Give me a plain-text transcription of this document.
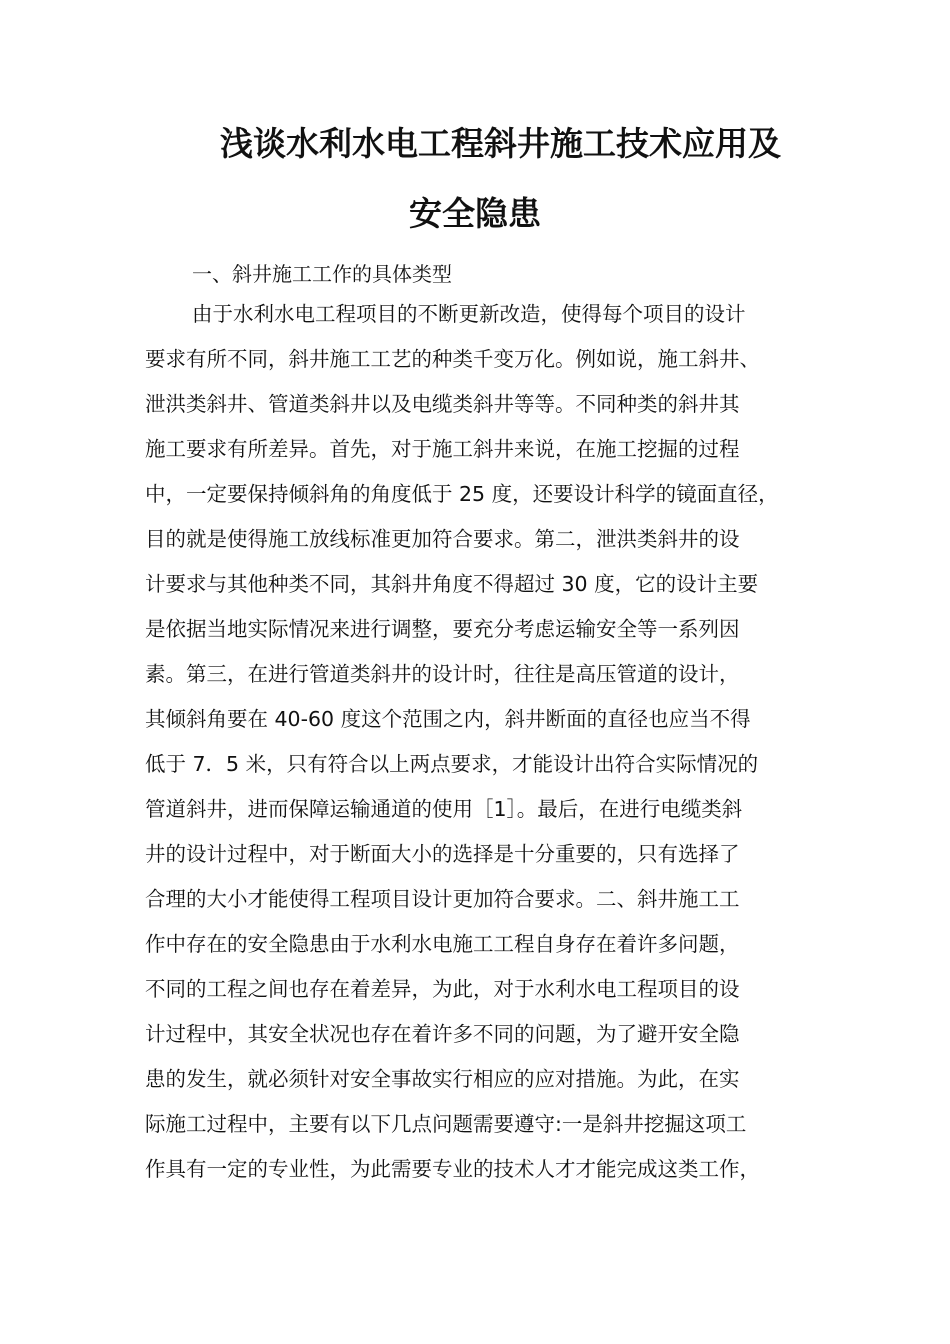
浅谈水利水电工程斜井施工技术应用及
安全隐患

一、斜井施工工作的具体类型

由于水利水电工程项目的不断更新改造，使得每个项目的设计

要求有所不同，斜井施工工艺的种类千变万化。例如说，施工斜井、

泄洪类斜井、管道类斜井以及电缆类斜井等等。不同种类的斜井其

施工要求有所差异。首先，对于施工斜井来说，在施工挖掘的过程

中，一定要保持倾斜角的角度低于 25 度，还要设计科学的镜面直径，

目的就是使得施工放线标准更加符合要求。第二，泄洪类斜井的设

计要求与其他种类不同，其斜井角度不得超过 30 度，它的设计主要

是依据当地实际情况来进行调整，要充分考虑运输安全等一系列因

素。第三，在进行管道类斜井的设计时，往往是高压管道的设计，

其倾斜角要在 40-60 度这个范围之内，斜井断面的直径也应当不得

低于 7．5 米，只有符合以上两点要求，才能设计出符合实际情况的

管道斜井，进而保障运输通道的使用［1］。最后，在进行电缆类斜

井的设计过程中，对于断面大小的选择是十分重要的，只有选择了

合理的大小才能使得工程项目设计更加符合要求。二、斜井施工工

作中存在的安全隐患由于水利水电施工工程自身存在着许多问题，

不同的工程之间也存在着差异，为此，对于水利水电工程项目的设

计过程中，其安全状况也存在着许多不同的问题，为了避开安全隐

患的发生，就必须针对安全事故实行相应的应对措施。为此，在实

际施工过程中，主要有以下几点问题需要遵守:一是斜井挖掘这项工

作具有一定的专业性，为此需要专业的技术人才才能完成这类工作，
